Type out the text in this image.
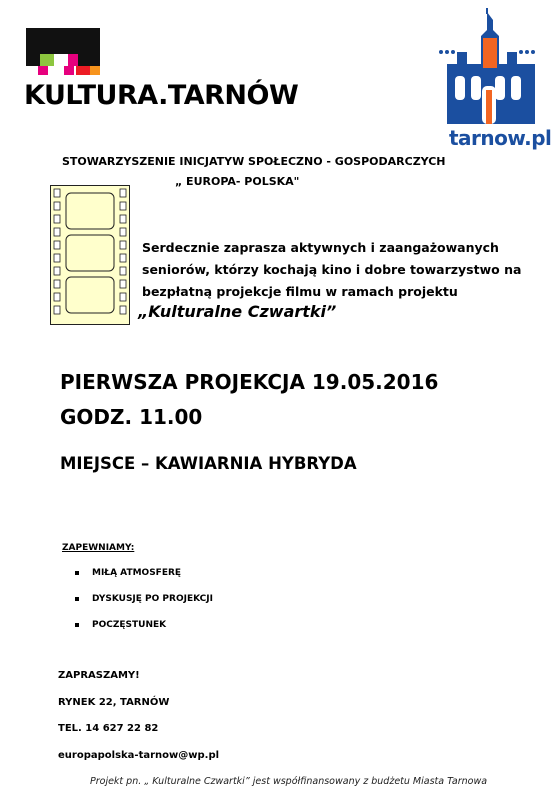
KULTURA.TARNÓW
tarnow.pl
STOWARZYSZENIE INICJATYW SPOŁECZNO - GOSPODARCZYCH
„ EUROPA- POLSKA"
Serdecznie zaprasza aktywnych i zaangażowanych
seniorów, którzy kochają kino i dobre towarzystwo na
bezpłatną projekcje filmu w ramach projektu
„Kulturalne Czwartki”
PIERWSZA PROJEKCJA 19.05.2016
GODZ. 11.00
MIEJSCE – KAWIARNIA HYBRYDA
ZAPEWNIAMY:
MIŁĄ ATMOSFERĘ
DYSKUSJĘ PO PROJEKCJI
POCZĘSTUNEK
ZAPRASZAMY!
RYNEK 22, TARNÓW
TEL. 14 627 22 82
europapolska-tarnow@wp.pl
Projekt pn. „ Kulturalne Czwartki” jest współfinansowany z budżetu Miasta Tarnowa
